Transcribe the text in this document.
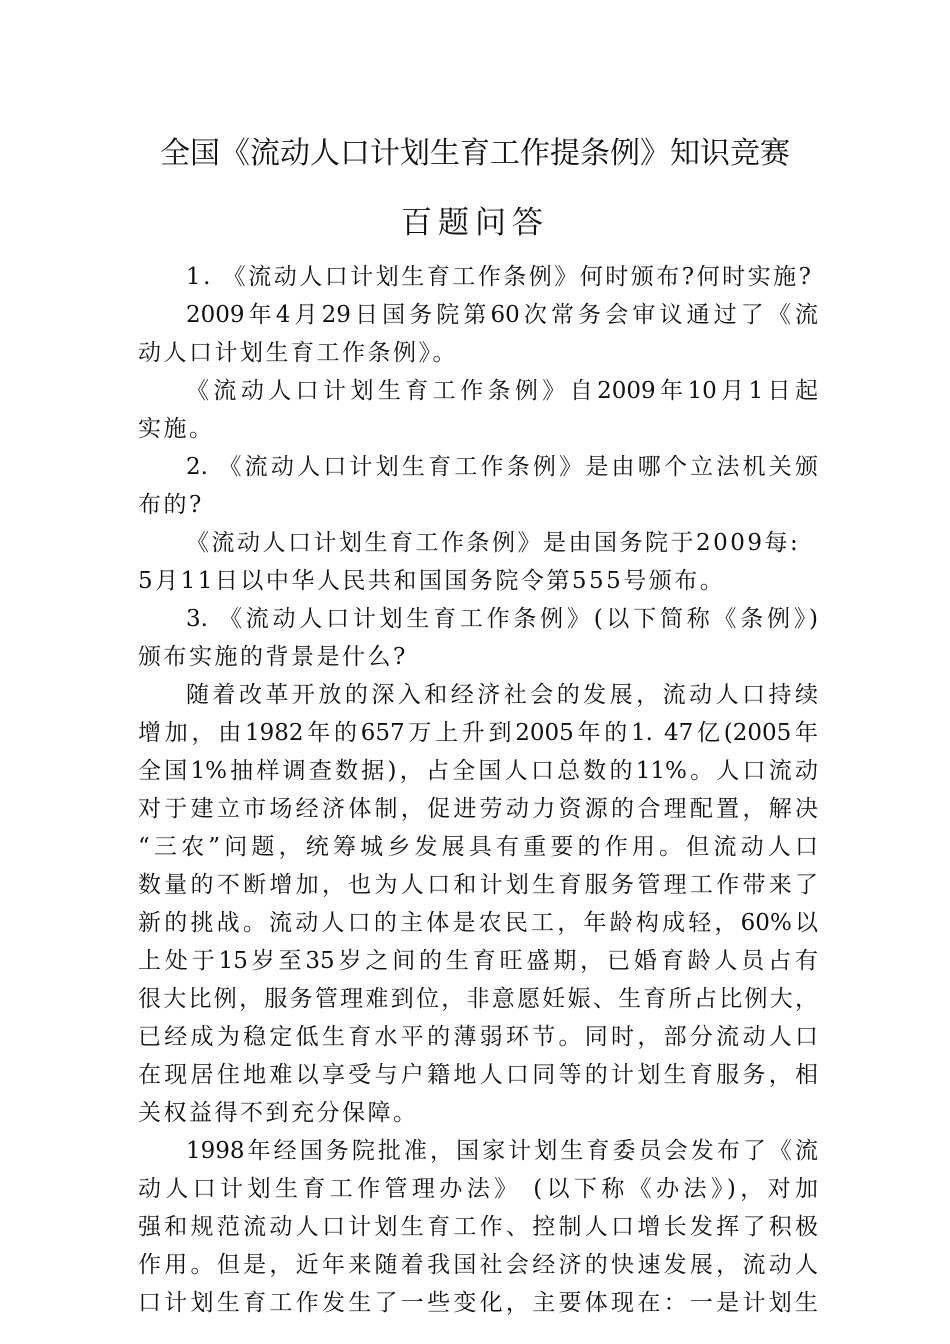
全国《流动人口计划生育工作提条例》知识竞赛
百题问答
1. 《流动人口计划生育工作条例》何时颁布?何时实施?
2009年4月29日国务院第60次常务会审议通过了《流
动人口计划生育工作条例》。
《流动人口计划生育工作条例》自2009年10月1日起
实施。
2. 《流动人口计划生育工作条例》是由哪个立法机关颁
布的?
《流动人口计划生育工作条例》是由国务院于2009每:
5月11日以中华人民共和国国务院令第555号颁布。
3. 《流动人口计划生育工作条例》(以下简称《条例》)
颁布实施的背景是什么?
随着改革开放的深入和经济社会的发展，流动人口持续
增加，由1982年的657万上升到2005年的1. 47亿(2005年
全国1%抽样调查数据)，占全国人口总数的11%。人口流动
对于建立市场经济体制，促进劳动力资源的合理配置，解决
“三农”问题，统筹城乡发展具有重要的作用。但流动人口
数量的不断增加，也为人口和计划生育服务管理工作带来了
新的挑战。流动人口的主体是农民工，年龄构成轻，60%以
上处于15岁至35岁之间的生育旺盛期，已婚育龄人员占有
很大比例，服务管理难到位，非意愿妊娠、生育所占比例大，
已经成为稳定低生育水平的薄弱环节。同时，部分流动人口
在现居住地难以享受与户籍地人口同等的计划生育服务，相
关权益得不到充分保障。
1998年经国务院批准，国家计划生育委员会发布了《流
动人口计划生育工作管理办法》 (以下称《办法》)，对加
强和规范流动人口计划生育工作、控制人口增长发挥了积极
作用。但是，近年来随着我国社会经济的快速发展，流动人
口计划生育工作发生了一些变化，主要体现在：一是计划生
